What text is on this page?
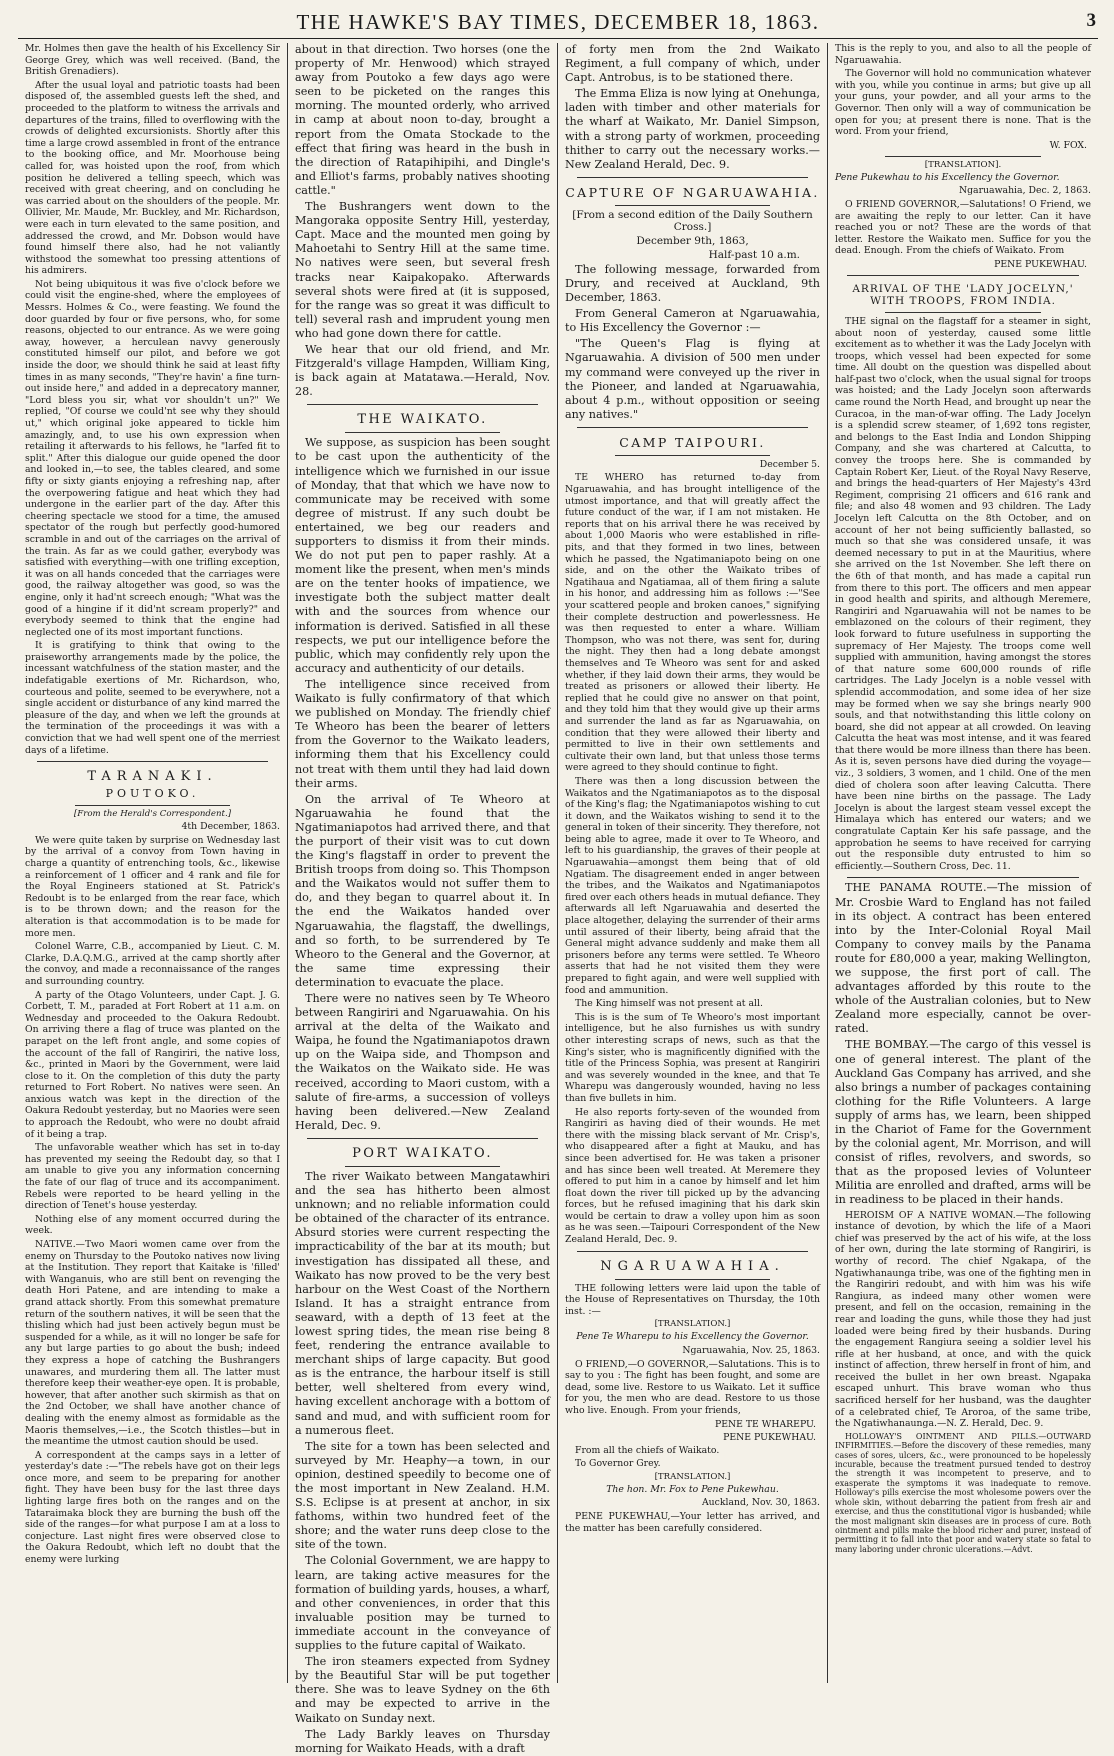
THE HAWKE'S BAY TIMES, DECEMBER 18, 1863.	3

Mr. Holmes then gave the health of his Excellency Sir George Grey, which was well received. (Band, the British Grenadiers).

After the usual loyal and patriotic toasts had been disposed of, the assembled guests left the shed, and proceeded to the platform to witness the arrivals and departures of the trains, filled to overflowing with the crowds of delighted excursionists. Shortly after this time a large crowd assembled in front of the entrance to the booking office, and Mr. Moorhouse being called for, was hoisted upon the roof, from which position he delivered a telling speech, which was received with great cheering, and on concluding he was carried about on the shoulders of the people. Mr. Ollivier, Mr. Maude, Mr. Buckley, and Mr. Richardson, were each in turn elevated to the same position, and addressed the crowd, and Mr. Dobson would have found himself there also, had he not valiantly withstood the somewhat too pressing attentions of his admirers.

Not being ubiquitous it was five o'clock before we could visit the engine-shed, where the employees of Messrs. Holmes & Co., were feasting. We found the door guarded by four or five persons, who, for some reasons, objected to our entrance. As we were going away, however, a herculean navvy generously constituted himself our pilot, and before we got inside the door, we should think he said at least fifty times in as many seconds, "They're havin' a fine turn-out inside here," and added in a deprecatory manner, "Lord bless you sir, what vor shouldn't un?" We replied, "Of course we could'nt see why they should ut," which original joke appeared to tickle him amazingly, and, to use his own expression when retailing it afterwards to his fellows, he "larfed fit to split." After this dialogue our guide opened the door and looked in,—to see, the tables cleared, and some fifty or sixty giants enjoying a refreshing nap, after the overpowering fatigue and heat which they had undergone in the earlier part of the day. After this cheering spectacle we stood for a time, the amused spectator of the rough but perfectly good-humored scramble in and out of the carriages on the arrival of the train. As far as we could gather, everybody was satisfied with everything—with one trifling exception, it was on all hands conceded that the carriages were good, the railway altogether was good, so was the engine, only it had'nt screech enough; "What was the good of a hingine if it did'nt scream properly?" and everybody seemed to think that the engine had neglected one of its most important functions.

It is gratifying to think that owing to the praiseworthy arrangements made by the police, the incessant watchfulness of the station master, and the indefatigable exertions of Mr. Richardson, who, courteous and polite, seemed to be everywhere, not a single accident or disturbance of any kind marred the pleasure of the day, and when we left the grounds at the termination of the proceedings it was with a conviction that we had well spent one of the merriest days of a lifetime.

TARANAKI.
POUTOKO.
[From the Herald's Correspondent.]

4th December, 1863.

We were quite taken by surprise on Wednesday last by the arrival of a convoy from Town having in charge a quantity of entrenching tools, &c., likewise a reinforcement of 1 officer and 4 rank and file for the Royal Engineers stationed at St. Patrick's Redoubt is to be enlarged from the rear face, which is to be thrown down; and the reason for the alteration is that accommodation is to be made for more men.

Colonel Warre, C.B., accompanied by Lieut. C. M. Clarke, D.A.Q.M.G., arrived at the camp shortly after the convoy, and made a reconnaissance of the ranges and surrounding country.

A party of the Otago Volunteers, under Capt. J. G. Corbett, T. M., paraded at Fort Robert at 11 a.m. on Wednesday and proceeded to the Oakura Redoubt. On arriving there a flag of truce was planted on the parapet on the left front angle, and some copies of the account of the fall of Rangiriri, the native loss, &c., printed in Maori by the Government, were laid close to it. On the completion of this duty the party returned to Fort Robert. No natives were seen. An anxious watch was kept in the direction of the Oakura Redoubt yesterday, but no Maories were seen to approach the Redoubt, who were no doubt afraid of it being a trap.

The unfavorable weather which has set in to-day has prevented my seeing the Redoubt day, so that I am unable to give you any information concerning the fate of our flag of truce and its accompaniment. Rebels were reported to be heard yelling in the direction of Tenet's house yesterday.

Nothing else of any moment occurred during the week.

NATIVE.—Two Maori women came over from the enemy on Thursday to the Poutoko natives now living at the Institution. They report that Kaitake is 'filled' with Wanganuis, who are still bent on revenging the death Hori Patene, and are intending to make a grand attack shortly. From this somewhat premature return of the southern natives, it will be seen that the thisling which had just been actively begun must be suspended for a while, as it will no longer be safe for any but large parties to go about the bush; indeed they express a hope of catching the Bushrangers unawares, and murdering them all. The latter must therefore keep their weather-eye open. It is probable, however, that after another such skirmish as that on the 2nd October, we shall have another chance of dealing with the enemy almost as formidable as the Maoris themselves,—i.e., the Scotch thistles—but in the meantime the utmost caution should be used.

A correspondent at the camps says in a letter of yesterday's date :—"The rebels have got on their legs once more, and seem to be preparing for another fight. They have been busy for the last three days lighting large fires both on the ranges and on the Tataraimaka block they are burning the bush off the side of the ranges—for what purpose I am at a loss to conjecture. Last night fires were observed close to the Oakura Redoubt, which left no doubt that the enemy were lurking

about in that direction. Two horses (one the property of Mr. Henwood) which strayed away from Poutoko a few days ago were seen to be picketed on the ranges this morning. The mounted orderly, who arrived in camp at about noon to-day, brought a report from the Omata Stockade to the effect that firing was heard in the bush in the direction of Ratapihipihi, and Dingle's and Elliot's farms, probably natives shooting cattle."

The Bushrangers went down to the Mangoraka opposite Sentry Hill, yesterday, Capt. Mace and the mounted men going by Mahoetahi to Sentry Hill at the same time. No natives were seen, but several fresh tracks near Kaipakopako. Afterwards several shots were fired at (it is supposed, for the range was so great it was difficult to tell) several rash and imprudent young men who had gone down there for cattle.

We hear that our old friend, and Mr. Fitzgerald's village Hampden, William King, is back again at Matatawa.—Herald, Nov. 28.

THE WAIKATO.

We suppose, as suspicion has been sought to be cast upon the authenticity of the intelligence which we furnished in our issue of Monday, that that which we have now to communicate may be received with some degree of mistrust. If any such doubt be entertained, we beg our readers and supporters to dismiss it from their minds. We do not put pen to paper rashly. At a moment like the present, when men's minds are on the tenter hooks of impatience, we investigate both the subject matter dealt with and the sources from whence our information is derived. Satisfied in all these respects, we put our intelligence before the public, which may confidently rely upon the accuracy and authenticity of our details.

The intelligence since received from Waikato is fully confirmatory of that which we published on Monday. The friendly chief Te Wheoro has been the bearer of letters from the Governor to the Waikato leaders, informing them that his Excellency could not treat with them until they had laid down their arms.

On the arrival of Te Wheoro at Ngaruawahia he found that the Ngatimaniapotos had arrived there, and that the purport of their visit was to cut down the King's flagstaff in order to prevent the British troops from doing so. This Thompson and the Waikatos would not suffer them to do, and they began to quarrel about it. In the end the Waikatos handed over Ngaruawahia, the flagstaff, the dwellings, and so forth, to be surrendered by Te Wheoro to the General and the Governor, at the same time expressing their determination to evacuate the place.

There were no natives seen by Te Wheoro between Rangiriri and Ngaruawahia. On his arrival at the delta of the Waikato and Waipa, he found the Ngatimaniapotos drawn up on the Waipa side, and Thompson and the Waikatos on the Waikato side. He was received, according to Maori custom, with a salute of fire-arms, a succession of volleys having been delivered.—New Zealand Herald, Dec. 9.

PORT WAIKATO.

The river Waikato between Mangatawhiri and the sea has hitherto been almost unknown; and no reliable information could be obtained of the character of its entrance. Absurd stories were current respecting the impracticability of the bar at its mouth; but investigation has dissipated all these, and Waikato has now proved to be the very best harbour on the West Coast of the Northern Island. It has a straight entrance from seaward, with a depth of 13 feet at the lowest spring tides, the mean rise being 8 feet, rendering the entrance available to merchant ships of large capacity. But good as is the entrance, the harbour itself is still better, well sheltered from every wind, having excellent anchorage with a bottom of sand and mud, and with sufficient room for a numerous fleet.

The site for a town has been selected and surveyed by Mr. Heaphy—a town, in our opinion, destined speedily to become one of the most important in New Zealand. H.M. S.S. Eclipse is at present at anchor, in six fathoms, within two hundred feet of the shore; and the water runs deep close to the site of the town.

The Colonial Government, we are happy to learn, are taking active measures for the formation of building yards, houses, a wharf, and other conveniences, in order that this invaluable position may be turned to immediate account in the conveyance of supplies to the future capital of Waikato.

The iron steamers expected from Sydney by the Beautiful Star will be put together there. She was to leave Sydney on the 6th and may be expected to arrive in the Waikato on Sunday next.

The Lady Barkly leaves on Thursday morning for Waikato Heads, with a draft

of forty men from the 2nd Waikato Regiment, a full company of which, under Capt. Antrobus, is to be stationed there.

The Emma Eliza is now lying at Onehunga, laden with timber and other materials for the wharf at Waikato, Mr. Daniel Simpson, with a strong party of workmen, proceeding thither to carry out the necessary works.—New Zealand Herald, Dec. 9.

CAPTURE OF NGARUAWAHIA.
[From a second edition of the Daily Southern Cross.]
December 9th, 1863,
Half-past 10 a.m.

The following message, forwarded from Drury, and received at Auckland, 9th December, 1863.

From General Cameron at Ngaruawahia, to His Excellency the Governor :—

"The Queen's Flag is flying at Ngaruawahia. A division of 500 men under my command were conveyed up the river in the Pioneer, and landed at Ngaruawahia, about 4 p.m., without opposition or seeing any natives."

CAMP TAIPOURI.

December 5.

TE WHERO has returned to-day from Ngaruawahia, and has brought intelligence of the utmost importance, and that will greatly affect the future conduct of the war, if I am not mistaken. He reports that on his arrival there he was received by about 1,000 Maoris who were established in rifle-pits, and that they formed in two lines, between which he passed, the Ngatimaniapoto being on one side, and on the other the Waikato tribes of Ngatihaua and Ngatiamaa, all of them firing a salute in his honor, and addressing him as follows :—"See your scattered people and broken canoes," signifying their complete destruction and powerlessness. He was then requested to enter a whare. William Thompson, who was not there, was sent for, during the night. They then had a long debate amongst themselves and Te Wheoro was sent for and asked whether, if they laid down their arms, they would be treated as prisoners or allowed their liberty. He replied that he could give no answer on that point, and they told him that they would give up their arms and surrender the land as far as Ngaruawahia, on condition that they were allowed their liberty and permitted to live in their own settlements and cultivate their own land, but that unless those terms were agreed to they should continue to fight.

There was then a long discussion between the Waikatos and the Ngatimaniapotos as to the disposal of the King's flag; the Ngatimaniapotos wishing to cut it down, and the Waikatos wishing to send it to the general in token of their sincerity. They therefore, not being able to agree, made it over to Te Wheoro, and left to his guardianship, the graves of their people at Ngaruawahia—amongst them being that of old Ngatiam. The disagreement ended in anger between the tribes, and the Waikatos and Ngatimaniapotos fired over each others heads in mutual defiance. They afterwards all left Ngaruawahia and deserted the place altogether, delaying the surrender of their arms until assured of their liberty, being afraid that the General might advance suddenly and make them all prisoners before any terms were settled. Te Wheoro asserts that had he not visited them they were prepared to fight again, and were well supplied with food and ammunition.

The King himself was not present at all.

This is is the sum of Te Wheoro's most important intelligence, but he also furnishes us with sundry other interesting scraps of news, such as that the King's sister, who is magnificently dignified with the title of the Princess Sophia, was present at Rangiriri and was severely wounded in the knee, and that Te Wharepu was dangerously wounded, having no less than five bullets in him.

He also reports forty-seven of the wounded from Rangiriri as having died of their wounds. He met there with the missing black servant of Mr. Crisp's, who disappeared after a fight at Mauku, and has since been advertised for. He was taken a prisoner and has since been well treated. At Meremere they offered to put him in a canoe by himself and let him float down the river till picked up by the advancing forces, but he refused imagining that his dark skin would be certain to draw a volley upon him as soon as he was seen.—Taipouri Correspondent of the New Zealand Herald, Dec. 9.

NGARUAWAHIA.

THE following letters were laid upon the table of the House of Representatives on Thursday, the 10th inst. :—

[TRANSLATION.]

Pene Te Wharepu to his Excellency the Governor.

Ngaruawahia, Nov. 25, 1863.

O FRIEND,—O GOVERNOR,—Salutations. This is to say to you : The fight has been fought, and some are dead, some live. Restore to us Waikato. Let it suffice for you, the men who are dead. Restore to us those who live. Enough. From your friends,

PENE TE WHAREPU.
PENE PUKEWHAU.

From all the chiefs of Waikato.

To Governor Grey.

[TRANSLATION.]

The hon. Mr. Fox to Pene Pukewhau.

Auckland, Nov. 30, 1863.

PENE PUKEWHAU,—Your letter has arrived, and the matter has been carefully considered.

This is the reply to you, and also to all the people of Ngaruawahia.

The Governor will hold no communication whatever with you, while you continue in arms; but give up all your guns, your powder, and all your arms to the Governor. Then only will a way of communication be open for you; at present there is none. That is the word. From your friend,

W. FOX.
[TRANSLATION].

Pene Pukewhau to his Excellency the Governor.

Ngaruawahia, Dec. 2, 1863.

O FRIEND GOVERNOR,—Salutations! O Friend, we are awaiting the reply to our letter. Can it have reached you or not? These are the words of that letter. Restore the Waikato men. Suffice for you the dead. Enough. From the chiefs of Waikato. From

PENE PUKEWHAU.
ARRIVAL OF THE 'LADY JOCELYN,' WITH TROOPS, FROM INDIA.

THE signal on the flagstaff for a steamer in sight, about noon of yesterday, caused some little excitement as to whether it was the Lady Jocelyn with troops, which vessel had been expected for some time. All doubt on the question was dispelled about half-past two o'clock, when the usual signal for troops was hoisted; and the Lady Jocelyn soon afterwards came round the North Head, and brought up near the Curacoa, in the man-of-war offing. The Lady Jocelyn is a splendid screw steamer, of 1,692 tons register, and belongs to the East India and London Shipping Company, and she was chartered at Calcutta, to convey the troops here. She is commanded by Captain Robert Ker, Lieut. of the Royal Navy Reserve, and brings the head-quarters of Her Majesty's 43rd Regiment, comprising 21 officers and 616 rank and file; and also 48 women and 93 children. The Lady Jocelyn left Calcutta on the 8th October, and on account of her not being sufficiently ballasted, so much so that she was considered unsafe, it was deemed necessary to put in at the Mauritius, where she arrived on the 1st November. She left there on the 6th of that month, and has made a capital run from there to this port. The officers and men appear in good health and spirits, and although Meremere, Rangiriri and Ngaruawahia will not be names to be emblazoned on the colours of their regiment, they look forward to future usefulness in supporting the supremacy of Her Majesty. The troops come well supplied with ammunition, having amongst the stores of that nature some 600,000 rounds of rifle cartridges. The Lady Jocelyn is a noble vessel with splendid accommodation, and some idea of her size may be formed when we say she brings nearly 900 souls, and that notwithstanding this little colony on board, she did not appear at all crowded. On leaving Calcutta the heat was most intense, and it was feared that there would be more illness than there has been. As it is, seven persons have died during the voyage—viz., 3 soldiers, 3 women, and 1 child. One of the men died of cholera soon after leaving Calcutta. There have been nine births on the passage. The Lady Jocelyn is about the largest steam vessel except the Himalaya which has entered our waters; and we congratulate Captain Ker his safe passage, and the approbation he seems to have received for carrying out the responsible duty entrusted to him so efficiently.—Southern Cross, Dec. 11.

THE PANAMA ROUTE.—The mission of Mr. Crosbie Ward to England has not failed in its object. A contract has been entered into by the Inter-Colonial Royal Mail Company to convey mails by the Panama route for £80,000 a year, making Wellington, we suppose, the first port of call. The advantages afforded by this route to the whole of the Australian colonies, but to New Zealand more especially, cannot be over-rated.

THE BOMBAY.—The cargo of this vessel is one of general interest. The plant of the Auckland Gas Company has arrived, and she also brings a number of packages containing clothing for the Rifle Volunteers. A large supply of arms has, we learn, been shipped in the Chariot of Fame for the Government by the colonial agent, Mr. Morrison, and will consist of rifles, revolvers, and swords, so that as the proposed levies of Volunteer Militia are enrolled and drafted, arms will be in readiness to be placed in their hands.

HEROISM OF A NATIVE WOMAN.—The following instance of devotion, by which the life of a Maori chief was preserved by the act of his wife, at the loss of her own, during the late storming of Rangiriri, is worthy of record. The chief Ngakapa, of the Ngatiwhanaunga tribe, was one of the fighting men in the Rangiriri redoubt, and with him was his wife Rangiura, as indeed many other women were present, and fell on the occasion, remaining in the rear and loading the guns, while those they had just loaded were being fired by their husbands. During the engagement Rangiura seeing a soldier level his rifle at her husband, at once, and with the quick instinct of affection, threw herself in front of him, and received the bullet in her own breast. Ngapaka escaped unhurt. This brave woman who thus sacrificed herself for her husband, was the daughter of a celebrated chief, Te Aroroa, of the same tribe, the Ngatiwhanaunga.—N. Z. Herald, Dec. 9.

HOLLOWAY'S OINTMENT AND PILLS.—OUTWARD INFIRMITIES.—Before the discovery of these remedies, many cases of sores, ulcers, &c., were pronounced to be hopelessly incurable, because the treatment pursued tended to destroy the strength it was incompetent to preserve, and to exasperate the symptoms it was inadequate to remove. Holloway's pills exercise the most wholesome powers over the whole skin, without debarring the patient from fresh air and exercise, and thus the constitutional vigor is husbanded; while the most malignant skin diseases are in process of cure. Both ointment and pills make the blood richer and purer, instead of permitting it to fall into that poor and watery state so fatal to many laboring under chronic ulcerations.—Advt.
